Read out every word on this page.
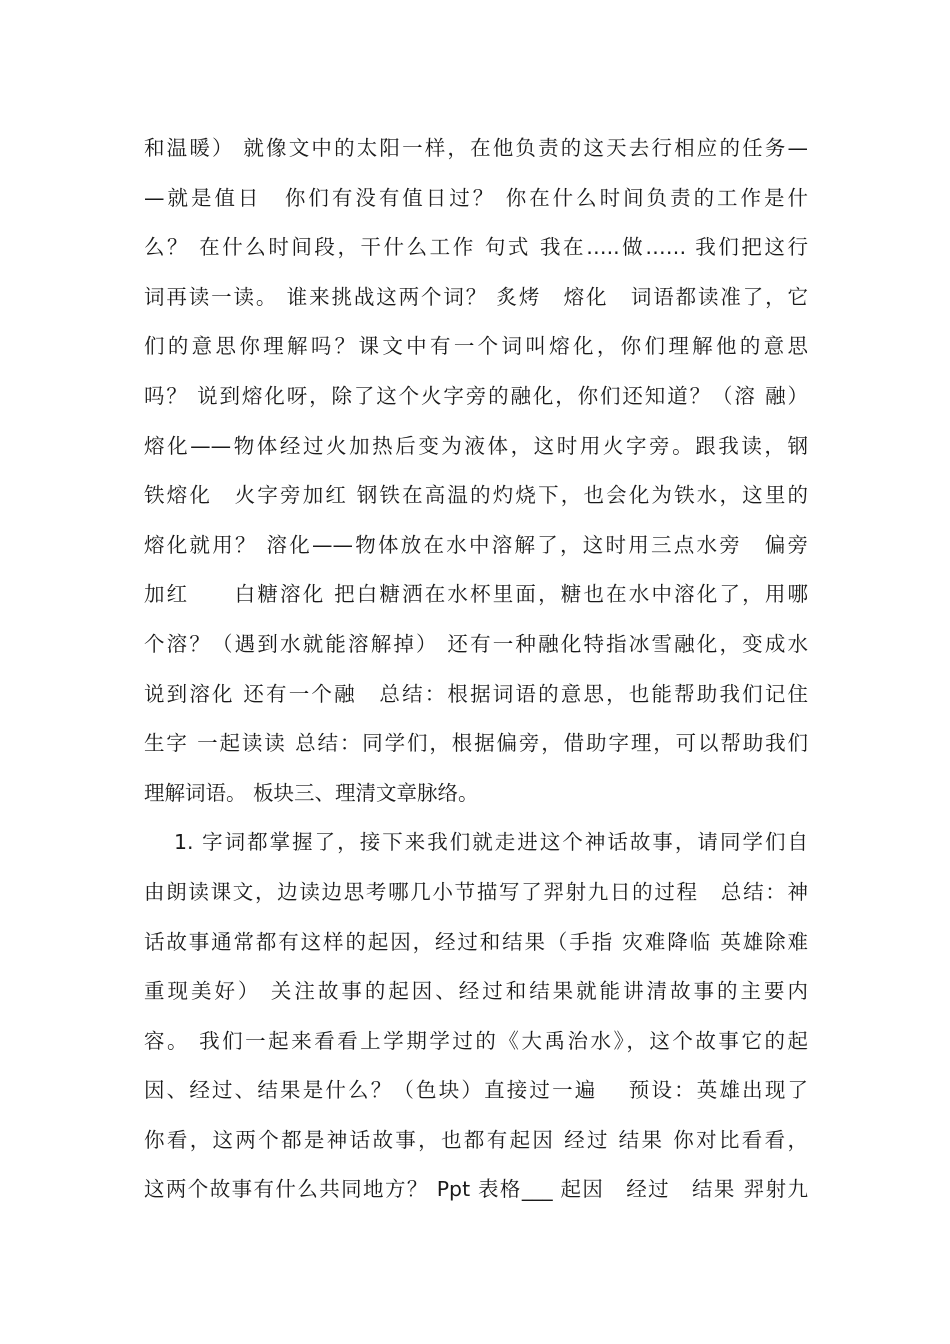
和温暖） 就像文中的太阳一样，在他负责的这天去行相应的任务—
—就是值日　你们有没有值日过？ 你在什么时间负责的工作是什
么？ 在什么时间段，干什么工作 句式 我在…..做…… 我们把这行
词再读一读。 谁来挑战这两个词？ 炙烤　熔化　词语都读准了，它
们的意思你理解吗？课文中有一个词叫熔化，你们理解他的意思
吗？ 说到熔化呀，除了这个火字旁的融化，你们还知道？（溶 融）
熔化——物体经过火加热后变为液体，这时用火字旁。跟我读，钢
铁熔化　火字旁加红 钢铁在高温的灼烧下，也会化为铁水，这里的
熔化就用？ 溶化——物体放在水中溶解了，这时用三点水旁　偏旁
加红　　白糖溶化 把白糖洒在水杯里面，糖也在水中溶化了，用哪
个溶？（遇到水就能溶解掉） 还有一种融化特指冰雪融化，变成水
说到溶化 还有一个融　总结：根据词语的意思，也能帮助我们记住
生字 一起读读 总结：同学们，根据偏旁，借助字理，可以帮助我们
理解词语。 板块三、理清文章脉络。
1. 字词都掌握了，接下来我们就走进这个神话故事，请同学们自
由朗读课文，边读边思考哪几小节描写了羿射九日的过程　总结：神
话故事通常都有这样的起因，经过和结果（手指 灾难降临 英雄除难
重现美好） 关注故事的起因、经过和结果就能讲清故事的主要内
容。 我们一起来看看上学期学过的《大禹治水》，这个故事它的起
因、经过、结果是什么？（色块）直接过一遍　 预设：英雄出现了
你看，这两个都是神话故事，也都有起因 经过 结果 你对比看看，
这两个故事有什么共同地方？ Ppt 表格___ 起因　经过　结果 羿射九
